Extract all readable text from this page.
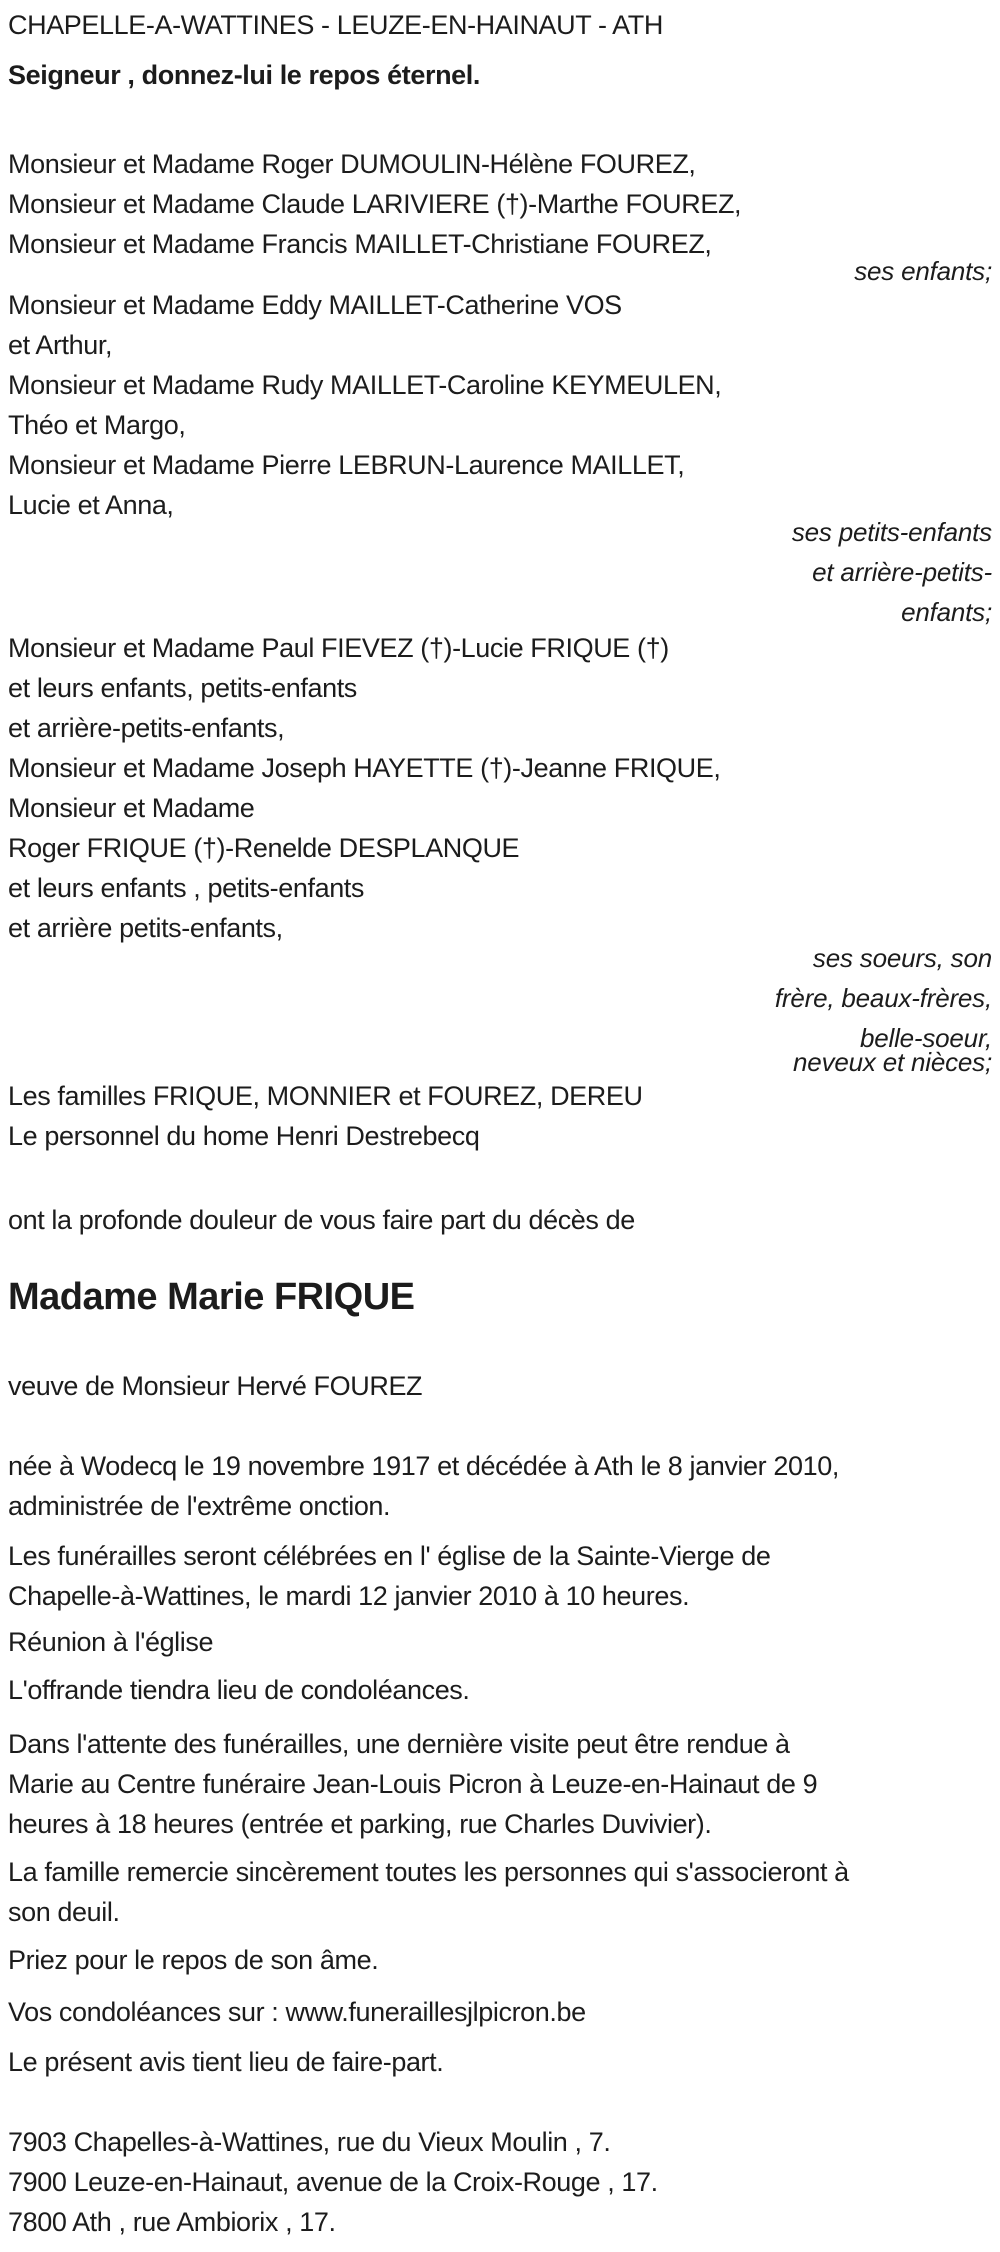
CHAPELLE-A-WATTINES - LEUZE-EN-HAINAUT - ATH
Seigneur , donnez-lui le repos éternel.
Monsieur et Madame Roger DUMOULIN-Hélène FOUREZ,
Monsieur et Madame Claude LARIVIERE (†)-Marthe FOUREZ,
Monsieur et Madame Francis MAILLET-Christiane FOUREZ,
ses enfants;
Monsieur et Madame Eddy MAILLET-Catherine VOS
et Arthur,
Monsieur et Madame Rudy MAILLET-Caroline KEYMEULEN,
Théo et Margo,
Monsieur et Madame Pierre LEBRUN-Laurence MAILLET,
Lucie et Anna,
ses petits-enfants
et arrière-petits-
enfants;
Monsieur et Madame Paul FIEVEZ (†)-Lucie FRIQUE (†)
et leurs enfants, petits-enfants
et arrière-petits-enfants,
Monsieur et Madame Joseph HAYETTE (†)-Jeanne FRIQUE,
Monsieur et Madame
Roger FRIQUE (†)-Renelde DESPLANQUE
et leurs enfants , petits-enfants
et arrière petits-enfants,
ses soeurs, son
frère, beaux-frères,
belle-soeur,
neveux et nièces;
Les familles FRIQUE, MONNIER et FOUREZ, DEREU
Le personnel du home Henri Destrebecq
ont la profonde douleur de vous faire part du décès de
Madame Marie FRIQUE
veuve de Monsieur Hervé FOUREZ
née à Wodecq le 19 novembre 1917 et décédée à Ath le 8 janvier 2010,
administrée de l'extrême onction.
Les funérailles seront célébrées en l' église de la Sainte-Vierge de
Chapelle-à-Wattines, le mardi 12 janvier 2010 à 10 heures.
Réunion à l'église
L'offrande tiendra lieu de condoléances.
Dans l'attente des funérailles, une dernière visite peut être rendue à
Marie au Centre funéraire Jean-Louis Picron à Leuze-en-Hainaut de 9
heures à 18 heures (entrée et parking, rue Charles Duvivier).
La famille remercie sincèrement toutes les personnes qui s'associeront à
son deuil.
Priez pour le repos de son âme.
Vos condoléances sur : www.funeraillesjlpicron.be
Le présent avis tient lieu de faire-part.
7903 Chapelles-à-Wattines, rue du Vieux Moulin , 7.
7900 Leuze-en-Hainaut, avenue de la Croix-Rouge , 17.
7800 Ath , rue Ambiorix , 17.
